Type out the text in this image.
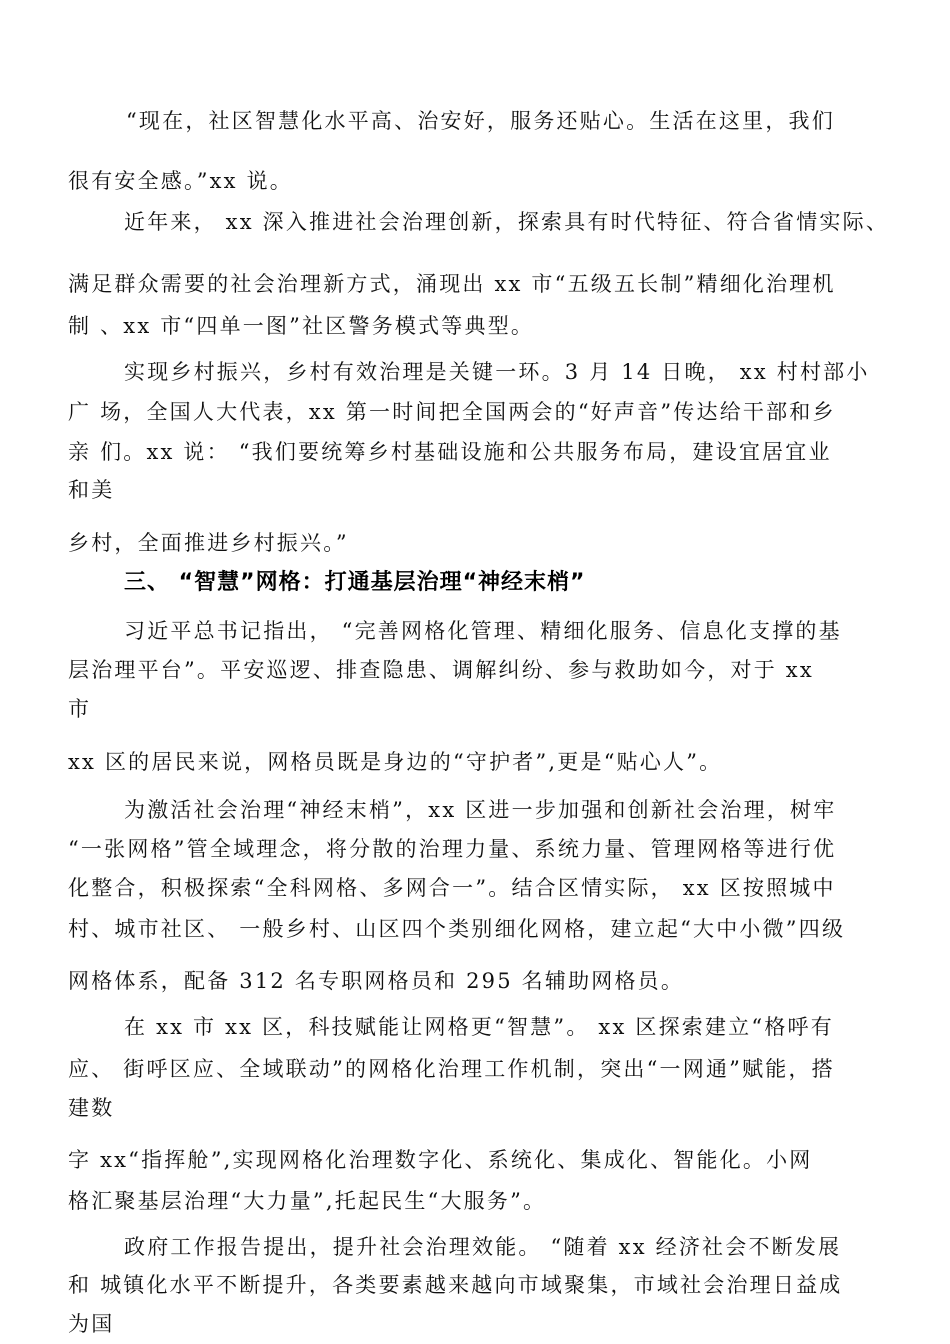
“现在，社区智慧化水平高、治安好，服务还贴心。生活在这里，我们
很有安全感。”xx 说。
近年来， xx 深入推进社会治理创新，探索具有时代特征、符合省情实际、
满足群众需要的社会治理新方式，涌现出 xx 市“五级五长制”精细化治理机
制 、xx 市“四单一图”社区警务模式等典型。
实现乡村振兴，乡村有效治理是关键一环。3 月 14 日晚， xx 村村部小
广 场，全国人大代表，xx 第一时间把全国两会的“好声音”传达给干部和乡
亲 们。xx 说： “我们要统筹乡村基础设施和公共服务布局，建设宜居宜业
和美
乡村，全面推进乡村振兴。”
习近平总书记指出， “完善网格化管理、精细化服务、信息化支撑的基
层治理平台”。平安巡逻、排查隐患、调解纠纷、参与救助如今，对于 xx
市
xx 区的居民来说，网格员既是身边的“守护者”,更是“贴心人”。
为激活社会治理“神经末梢”，xx 区进一步加强和创新社会治理，树牢
“一张网格”管全域理念，将分散的治理力量、系统力量、管理网格等进行优
化整合，积极探索“全科网格、多网合一”。结合区情实际， xx 区按照城中
村、城市社区、 一般乡村、山区四个类别细化网格，建立起“大中小微”四级
网格体系，配备 312 名专职网格员和 295 名辅助网格员。
在 xx 市 xx 区，科技赋能让网格更“智慧”。 xx 区探索建立“格呼有
应、 街呼区应、全域联动”的网格化治理工作机制，突出“一网通”赋能，搭
建数
字 xx“指挥舱”,实现网格化治理数字化、系统化、集成化、智能化。小网
格汇聚基层治理“大力量”,托起民生“大服务”。
政府工作报告提出，提升社会治理效能。 “随着 xx 经济社会不断发展
和 城镇化水平不断提升，各类要素越来越向市域聚集，市域社会治理日益成
为国
三、 “智慧”网格：打通基层治理“神经末梢”
